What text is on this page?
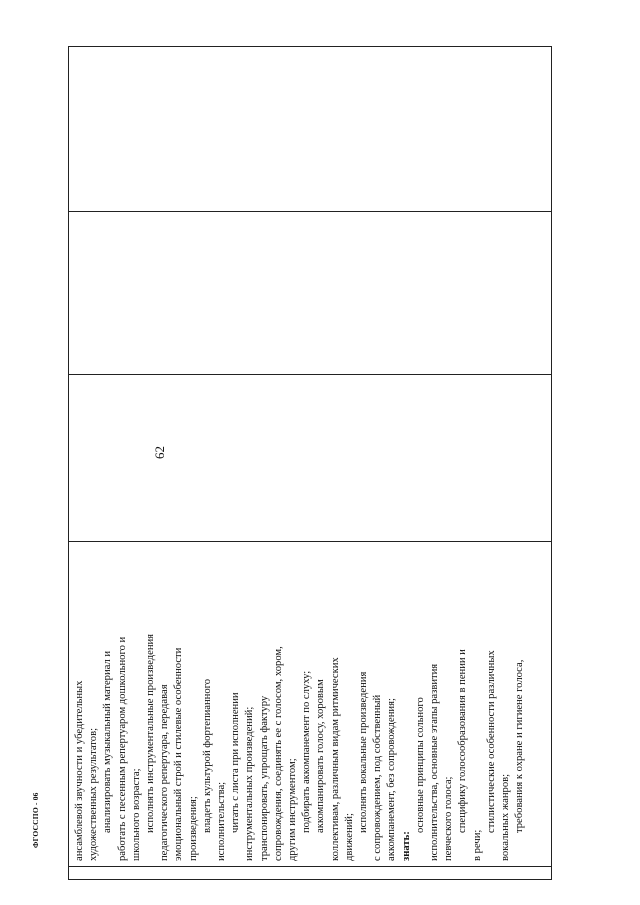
62
ФГОССПО - 06	ансамблевой звучности и убедительных художественных результатов; анализировать музыкальный материал и работать с песенным репертуаром дошкольного и школьного возраста; исполнять инструментальные произведения педагогического репертуара, передавая эмоциональный строй и стилевые особенности произведения; владеть культурой фортепианного исполнительства; читать с листа при исполнении инструментальных произведений; транспонировать, упрощать фактуру сопровождения, соединять ее с голосом, хором, другим инструментом; подбирать аккомпанемент по слуху; аккомпанировать голосу, хоровым коллективам, различным видам ритмических движений;
исполнять вокальные произведения с сопровождением, под собственный аккомпанемент, без сопровождения; знать:
основные принципы сольного исполнительства, основные этапы развития певческого голоса; специфику голосообразования в пении и
в речи;
стилистические особенности различных вокальных жанров; требования к охране и гигиене голоса,
